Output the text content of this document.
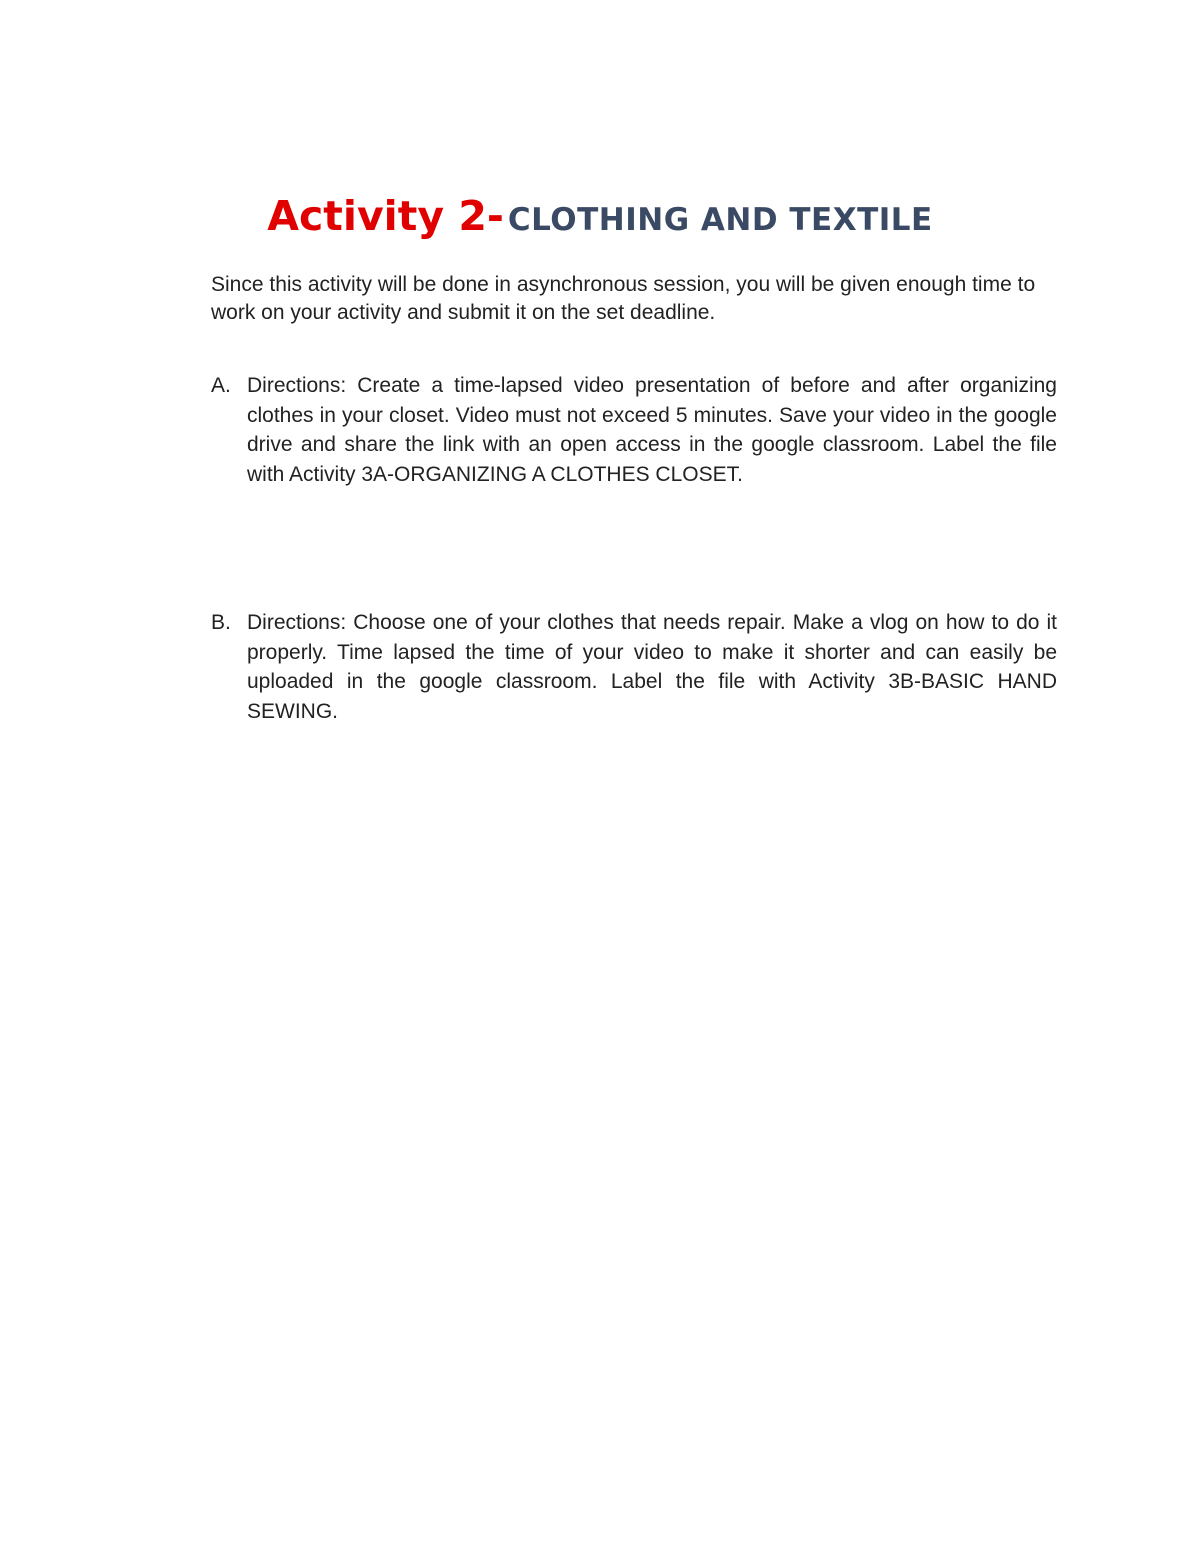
Activity 2- CLOTHING AND TEXTILE
Since this activity will be done in asynchronous session, you will be given enough time to work on your activity and submit it on the set deadline.
A. Directions: Create a time-lapsed video presentation of before and after organizing clothes in your closet. Video must not exceed 5 minutes. Save your video in the google drive and share the link with an open access in the google classroom. Label the file with Activity 3A-ORGANIZING A CLOTHES CLOSET.
B. Directions: Choose one of your clothes that needs repair. Make a vlog on how to do it properly. Time lapsed the time of your video to make it shorter and can easily be uploaded in the google classroom. Label the file with Activity 3B-BASIC HAND SEWING.
